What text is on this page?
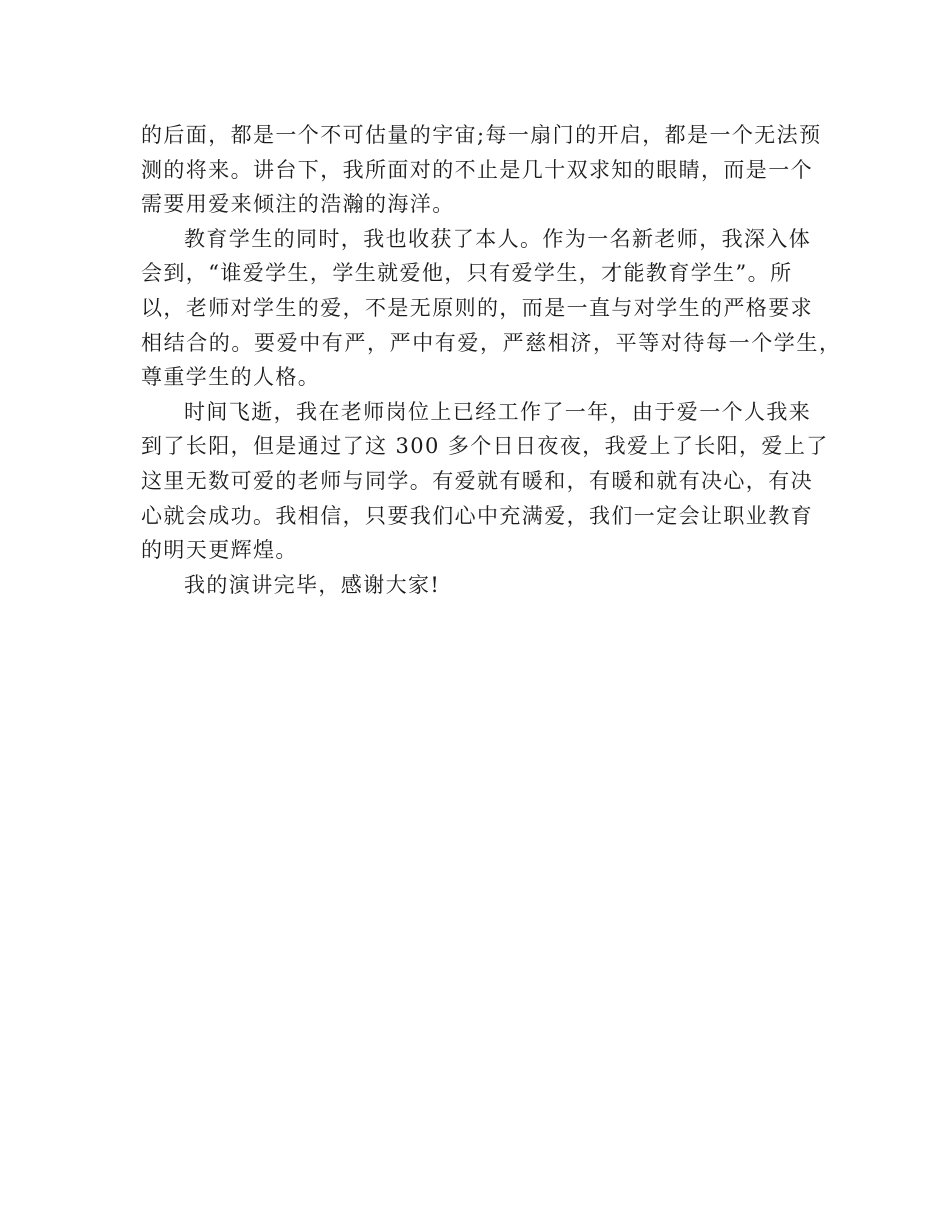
的后面，都是一个不可估量的宇宙;每一扇门的开启，都是一个无法预
测的将来。讲台下，我所面对的不止是几十双求知的眼睛，而是一个
需要用爱来倾注的浩瀚的海洋。
教育学生的同时，我也收获了本人。作为一名新老师，我深入体
会到，“谁爱学生，学生就爱他，只有爱学生，才能教育学生”。所
以，老师对学生的爱，不是无原则的，而是一直与对学生的严格要求
相结合的。要爱中有严，严中有爱，严慈相济，平等对待每一个学生，
尊重学生的人格。
时间飞逝，我在老师岗位上已经工作了一年，由于爱一个人我来
到了长阳，但是通过了这 300 多个日日夜夜，我爱上了长阳，爱上了
这里无数可爱的老师与同学。有爱就有暖和，有暖和就有决心，有决
心就会成功。我相信，只要我们心中充满爱，我们一定会让职业教育
的明天更辉煌。
我的演讲完毕，感谢大家!
